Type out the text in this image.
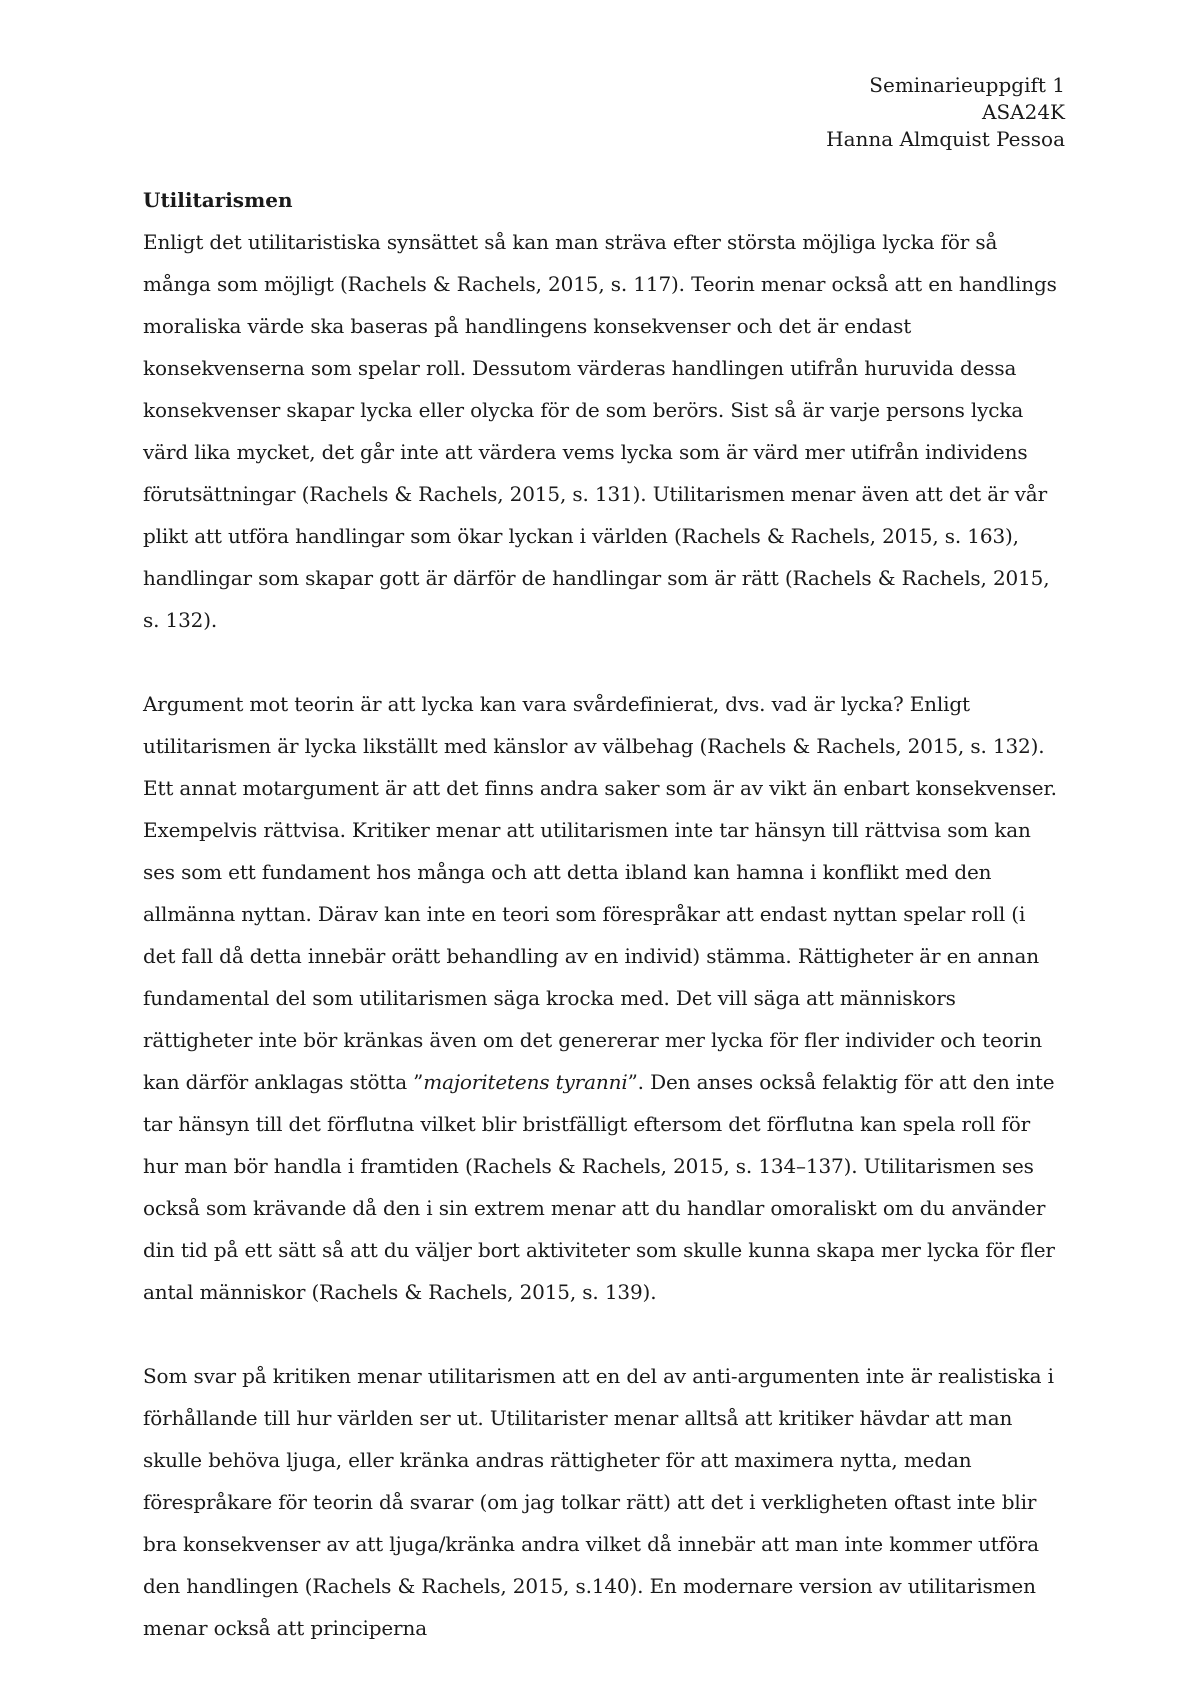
Seminarieuppgift 1
ASA24K
Hanna Almquist Pessoa
Utilitarismen

Enligt det utilitaristiska synsättet så kan man sträva efter största möjliga lycka för så många som möjligt (Rachels & Rachels, 2015, s. 117). Teorin menar också att en handlings moraliska värde ska baseras på handlingens konsekvenser och det är endast konsekvenserna som spelar roll. Dessutom värderas handlingen utifrån huruvida dessa konsekvenser skapar lycka eller olycka för de som berörs. Sist så är varje persons lycka värd lika mycket, det går inte att värdera vems lycka som är värd mer utifrån individens förutsättningar (Rachels & Rachels, 2015, s. 131). Utilitarismen menar även att det är vår plikt att utföra handlingar som ökar lyckan i världen (Rachels & Rachels, 2015, s. 163), handlingar som skapar gott är därför de handlingar som är rätt (Rachels & Rachels, 2015, s. 132).

Argument mot teorin är att lycka kan vara svårdefinierat, dvs. vad är lycka? Enligt utilitarismen är lycka likställt med känslor av välbehag (Rachels & Rachels, 2015, s. 132). Ett annat motargument är att det finns andra saker som är av vikt än enbart konsekvenser. Exempelvis rättvisa. Kritiker menar att utilitarismen inte tar hänsyn till rättvisa som kan ses som ett fundament hos många och att detta ibland kan hamna i konflikt med den allmänna nyttan. Därav kan inte en teori som förespråkar att endast nyttan spelar roll (i det fall då detta innebär orätt behandling av en individ) stämma. Rättigheter är en annan fundamental del som utilitarismen säga krocka med. Det vill säga att människors rättigheter inte bör kränkas även om det genererar mer lycka för fler individer och teorin kan därför anklagas stötta ”majoritetens tyranni”. Den anses också felaktig för att den inte tar hänsyn till det förflutna vilket blir bristfälligt eftersom det förflutna kan spela roll för hur man bör handla i framtiden (Rachels & Rachels, 2015, s. 134–137). Utilitarismen ses också som krävande då den i sin extrem menar att du handlar omoraliskt om du använder din tid på ett sätt så att du väljer bort aktiviteter som skulle kunna skapa mer lycka för fler antal människor (Rachels & Rachels, 2015, s. 139).

Som svar på kritiken menar utilitarismen att en del av anti-argumenten inte är realistiska i förhållande till hur världen ser ut. Utilitarister menar alltså att kritiker hävdar att man skulle behöva ljuga, eller kränka andras rättigheter för att maximera nytta, medan förespråkare för teorin då svarar (om jag tolkar rätt) att det i verkligheten oftast inte blir bra konsekvenser av att ljuga/kränka andra vilket då innebär att man inte kommer utföra den handlingen (Rachels & Rachels, 2015, s.140). En modernare version av utilitarismen menar också att principerna
